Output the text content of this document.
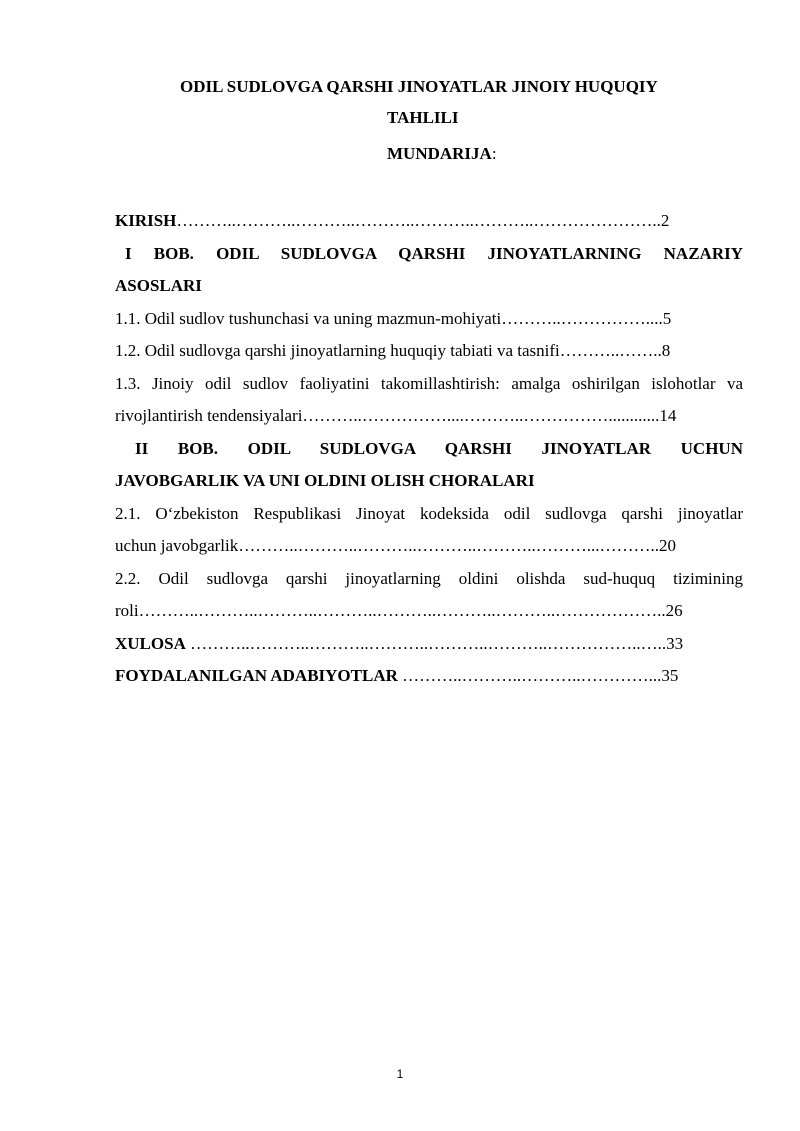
ODIL SUDLOVGA QARSHI JINOYATLAR JINOIY HUQUQIY
TAHLILI
MUNDARIJA:
KIRISH………..………..………..………..………..………..…………………..2
I BOB. ODIL SUDLOVGA QARSHI JINOYATLARNING NAZARIY
ASOSLARI
1.1. Odil sudlov tushunchasi va uning mazmun-mohiyati………..……………....5
1.2. Odil sudlovga qarshi jinoyatlarning huquqiy tabiati va tasnifi………..……..8
1.3. Jinoiy odil sudlov faoliyatini takomillashtirish: amalga oshirilgan islohotlar va
rivojlantirish tendensiyalari………..……………....………..……………............14
II BOB. ODIL SUDLOVGA QARSHI JINOYATLAR UCHUN
JAVOBGARLIK VA UNI OLDINI OLISH CHORALARI
2.1. O‘zbekiston Respublikasi Jinoyat kodeksida odil sudlovga qarshi jinoyatlar
uchun javobgarlik………..………..………..………..………..………...………..20
2.2. Odil sudlovga qarshi jinoyatlarning oldini olishda sud-huquq tizimining
roli………..………..………..………..………..………..………..………………..26
XULOSA ………..………..………..………..………..………..……………..…..33
FOYDALANILGAN ADABIYOTLAR ………..………..………..…………...35
1
